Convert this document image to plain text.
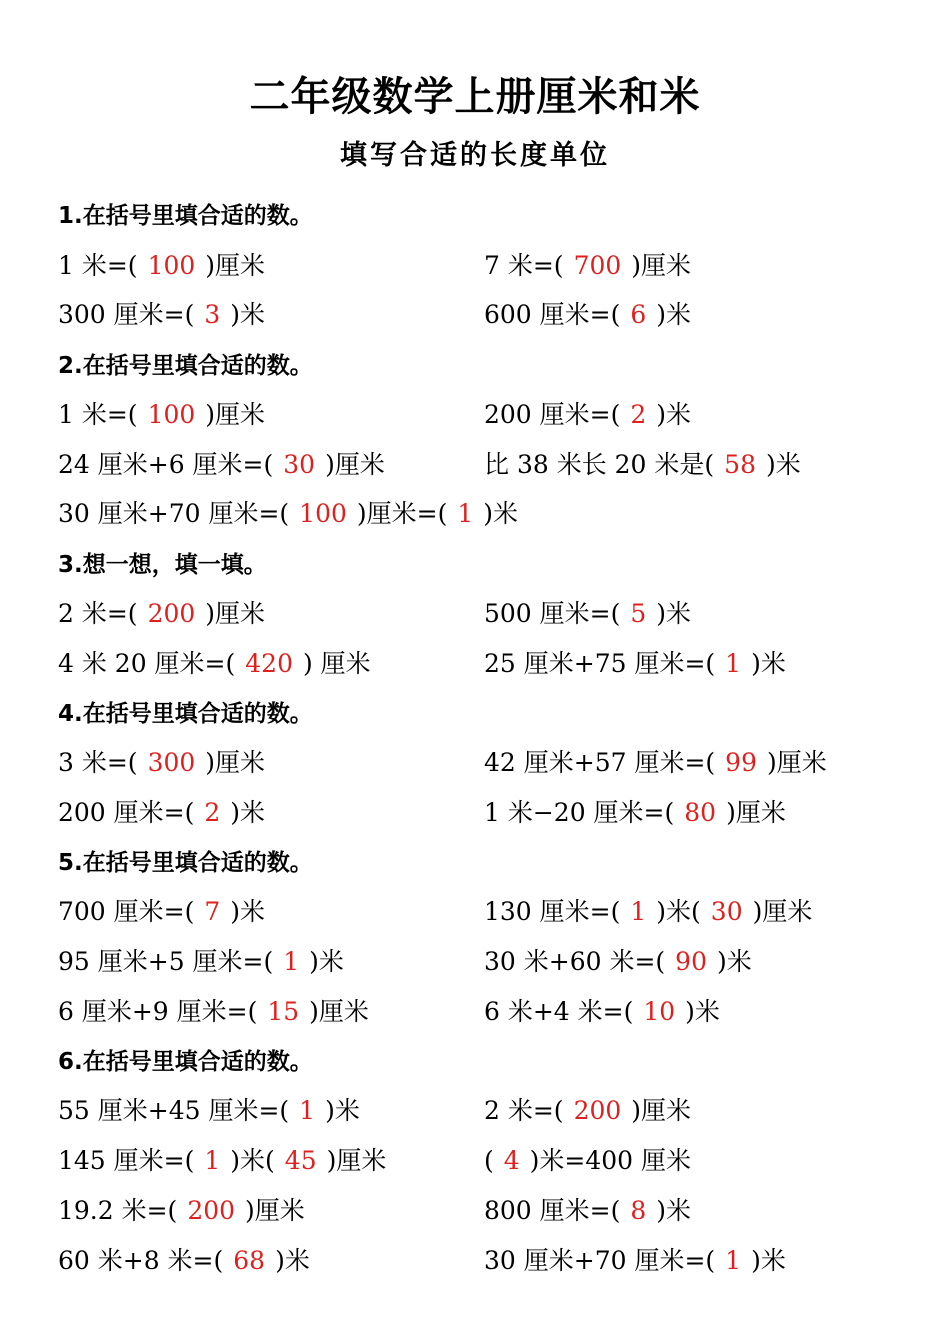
二年级数学上册厘米和米
填写合适的长度单位
1.在括号里填合适的数。
1 米=( 100 )厘米	7 米=( 700 )厘米
300 厘米=( 3 )米	600 厘米=( 6 )米
2.在括号里填合适的数。
1 米=( 100 )厘米	200 厘米=( 2 )米
24 厘米+6 厘米=( 30 )厘米	比 38 米长 20 米是( 58 )米
30 厘米+70 厘米=( 100 )厘米=( 1 )米
3.想一想，填一填。
2 米=( 200 )厘米	500 厘米=( 5 )米
4 米 20 厘米=( 420 ) 厘米	25 厘米+75 厘米=( 1 )米
4.在括号里填合适的数。
3 米=( 300 )厘米	42 厘米+57 厘米=( 99 )厘米
200 厘米=( 2 )米	1 米−20 厘米=( 80 )厘米
5.在括号里填合适的数。
700 厘米=( 7 )米	130 厘米=( 1 )米( 30 )厘米
95 厘米+5 厘米=( 1 )米	30 米+60 米=( 90 )米
6 厘米+9 厘米=( 15 )厘米	6 米+4 米=( 10 )米
6.在括号里填合适的数。
55 厘米+45 厘米=( 1 )米	2 米=( 200 )厘米
145 厘米=( 1 )米( 45 )厘米	( 4 )米=400 厘米
19.2 米=( 200 )厘米	800 厘米=( 8 )米
60 米+8 米=( 68 )米	30 厘米+70 厘米=( 1 )米
